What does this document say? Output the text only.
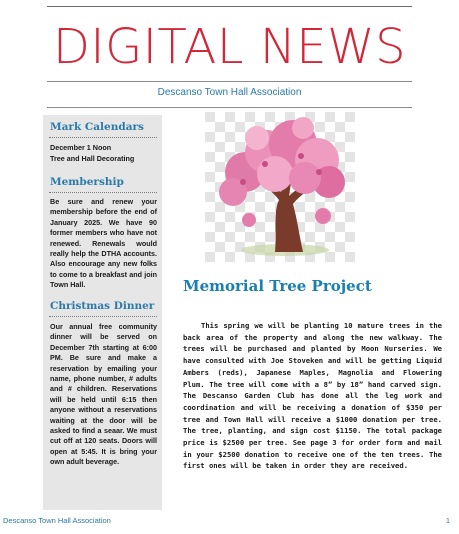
DIGITAL NEWS
Descanso Town Hall Association
Mark Calendars
December 1 Noon
Tree and Hall Decorating
Membership
Be sure and renew your membership before the end of January 2025. We have 90 former members who have not renewed. Renewals would really help the DTHA accounts. Also encourage any new folks to come to a breakfast and join Town Hall.
Christmas Dinner
Our annual free community dinner will be served on December 7th starting at 6:00 PM. Be sure and make a reservation by emailing your name, phone number, # adults and # children. Reservations will be held until 6:15 then anyone without a reservations waiting at the door will be asked to find a seaar. We must cut off at 120 seats. Doors will open at 5:45. It is bring your own adult beverage.
Memorial Tree Project

This spring we will be planting 10 mature trees in the back area of the property and along the new walkway. The trees will be purchased and planted by Moon Nurseries. We have consulted with Joe Stoveken and will be getting Liquid Ambers (reds), Japanese Maples, Magnolia and Flowering Plum. The tree will come with a 8” by 18” hand carved sign. The Descanso Garden Club has done all the leg work and coordination and will be receiving a donation of $350 per tree and Town Hall will receive a $1000 donation per tree. The tree, planting, and sign cost $1150. The total package price is $2500 per tree. See page 3 for order form and mail in your $2500 donation to receive one of the ten trees. The first ones will be taken in order they are received.

Descanso Town Hall Association	1
